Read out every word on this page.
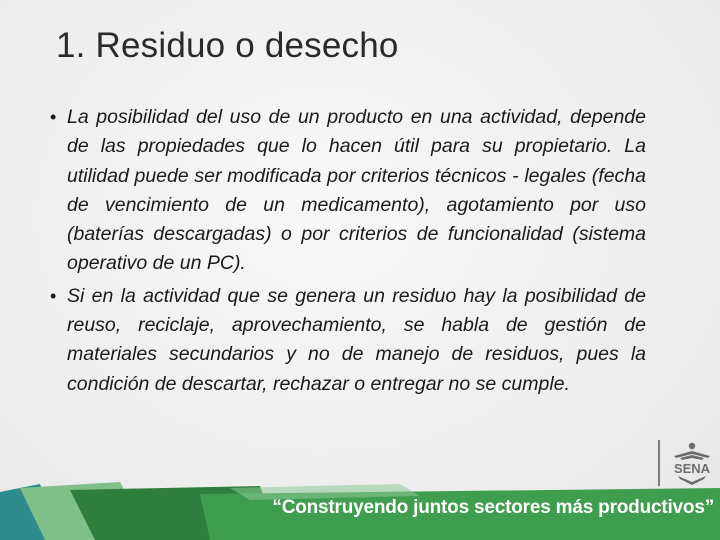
1. Residuo o desecho
• La posibilidad del uso de un producto en una actividad, depende de las propiedades que lo hacen útil para su propietario. La utilidad puede ser modificada por criterios técnicos - legales (fecha de vencimiento de un medicamento), agotamiento por uso (baterías descargadas) o por criterios de funcionalidad (sistema operativo de un PC).
• Si en la actividad que se genera un residuo hay la posibilidad de reuso, reciclaje, aprovechamiento, se habla de gestión de materiales secundarios y no de manejo de residuos, pues la condición de descartar, rechazar o entregar no se cumple.
SENA
“Construyendo juntos sectores más productivos”
